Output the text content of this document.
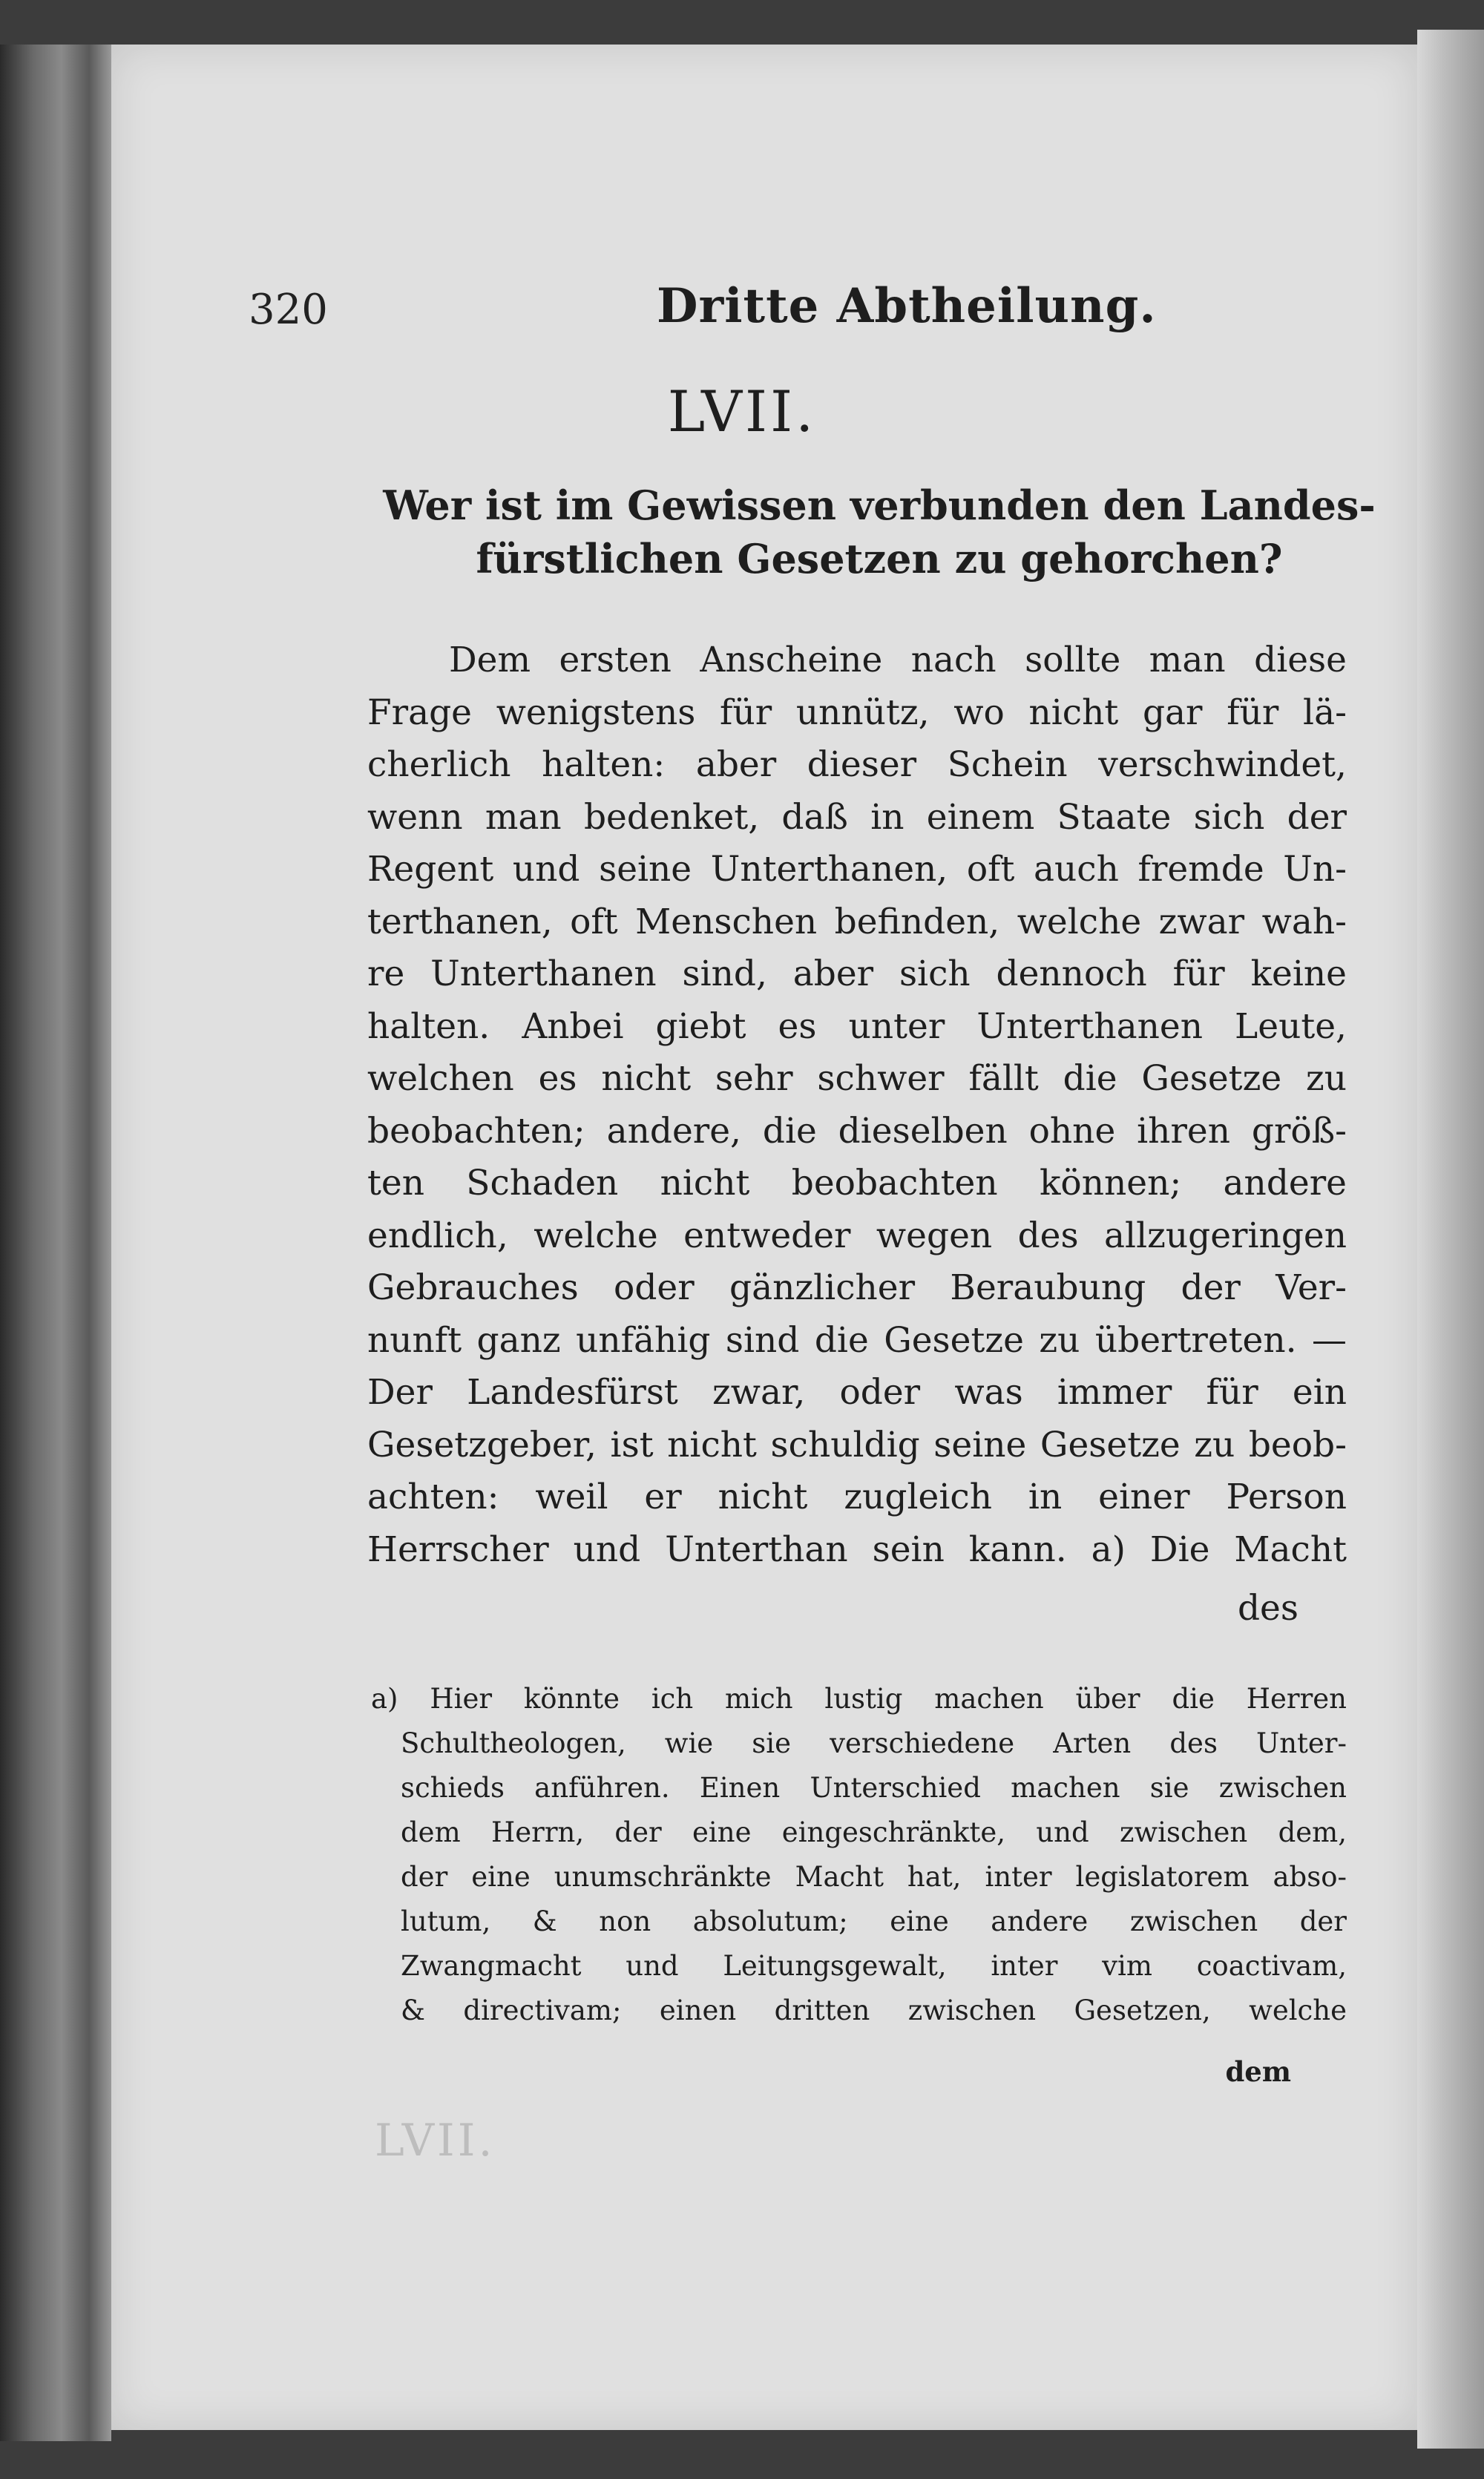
320	Dritte Abtheilung.
LVII.
Wer ist im Gewissen verbunden den Landes-
fürstlichen Gesetzen zu gehorchen?
Dem ersten Anscheine nach sollte man diese
Frage wenigstens für unnütz, wo nicht gar für lä-
cherlich halten: aber dieser Schein verschwindet,
wenn man bedenket, daß in einem Staate sich der
Regent und seine Unterthanen, oft auch fremde Un-
terthanen, oft Menschen befinden, welche zwar wah-
re Unterthanen sind, aber sich dennoch für keine
halten. Anbei giebt es unter Unterthanen Leute,
welchen es nicht sehr schwer fällt die Gesetze zu
beobachten; andere, die dieselben ohne ihren größ-
ten Schaden nicht beobachten können; andere
endlich, welche entweder wegen des allzugeringen
Gebrauches oder gänzlicher Beraubung der Ver-
nunft ganz unfähig sind die Gesetze zu übertreten. —
Der Landesfürst zwar, oder was immer für ein
Gesetzgeber, ist nicht schuldig seine Gesetze zu beob-
achten: weil er nicht zugleich in einer Person
Herrscher und Unterthan sein kann. a) Die Macht
des
a) Hier könnte ich mich lustig machen über die Herren
Schultheologen, wie sie verschiedene Arten des Unter-
schieds anführen. Einen Unterschied machen sie zwischen
dem Herrn, der eine eingeschränkte, und zwischen dem,
der eine unumschränkte Macht hat, inter legislatorem abso-
lutum, & non absolutum; eine andere zwischen der
Zwangmacht und Leitungsgewalt, inter vim coactivam,
& directivam; einen dritten zwischen Gesetzen, welche
dem
LVII.
